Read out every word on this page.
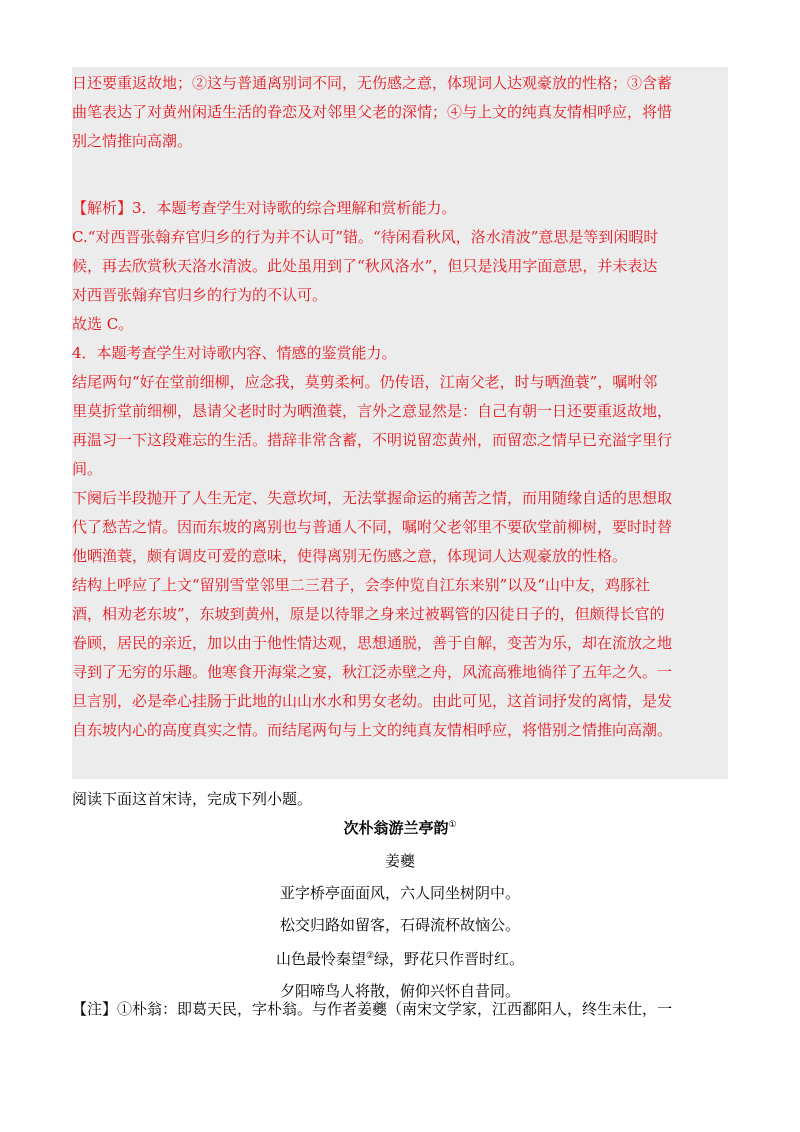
日还要重返故地；②这与普通离别词不同，无伤感之意，体现词人达观豪放的性格；③含蓄

曲笔表达了对黄州闲适生活的眷恋及对邻里父老的深情；④与上文的纯真友情相呼应，将惜

别之情推向高潮。

【解析】3．本题考查学生对诗歌的综合理解和赏析能力。

C.“对西晋张翰弃官归乡的行为并不认可”错。“待闲看秋风，洛水清波”意思是等到闲暇时

候，再去欣赏秋天洛水清波。此处虽用到了“秋风洛水”，但只是浅用字面意思，并未表达

对西晋张翰弃官归乡的行为的不认可。

故选 C。

4．本题考查学生对诗歌内容、情感的鉴赏能力。

结尾两句“好在堂前细柳，应念我，莫剪柔柯。仍传语，江南父老，时与晒渔蓑”，嘱咐邻

里莫折堂前细柳，恳请父老时时为晒渔蓑，言外之意显然是：自己有朝一日还要重返故地，

再温习一下这段难忘的生活。措辞非常含蓄，不明说留恋黄州，而留恋之情早已充溢字里行

间。

下阕后半段抛开了人生无定、失意坎坷，无法掌握命运的痛苦之情，而用随缘自适的思想取

代了愁苦之情。因而东坡的离别也与普通人不同，嘱咐父老邻里不要砍堂前柳树，要时时替

他晒渔蓑，颇有调皮可爱的意味，使得离别无伤感之意，体现词人达观豪放的性格。

结构上呼应了上文“留别雪堂邻里二三君子，会李仲览自江东来别”以及“山中友，鸡豚社

酒，相劝老东坡”，东坡到黄州，原是以待罪之身来过被羁管的囚徒日子的，但颇得长官的

眷顾，居民的亲近，加以由于他性情达观，思想通脱，善于自解，变苦为乐，却在流放之地

寻到了无穷的乐趣。他寒食开海棠之宴，秋江泛赤壁之舟，风流高雅地徜徉了五年之久。一

旦言别，必是牵心挂肠于此地的山山水水和男女老幼。由此可见，这首词抒发的离情，是发

自东坡内心的高度真实之情。而结尾两句与上文的纯真友情相呼应，将惜别之情推向高潮。

阅读下面这首宋诗，完成下列小题。
次朴翁游兰亭韵①
姜夔

亚字桥亭面面风，六人同坐树阴中。

松交归路如留客，石碍流杯故恼公。

山色最怜秦望②绿，野花只作晋时红。

夕阳啼鸟人将散，俯仰兴怀自昔同。

【注】①朴翁：即葛天民，字朴翁。与作者姜夔（南宋文学家，江西鄱阳人，终生未仕，一
